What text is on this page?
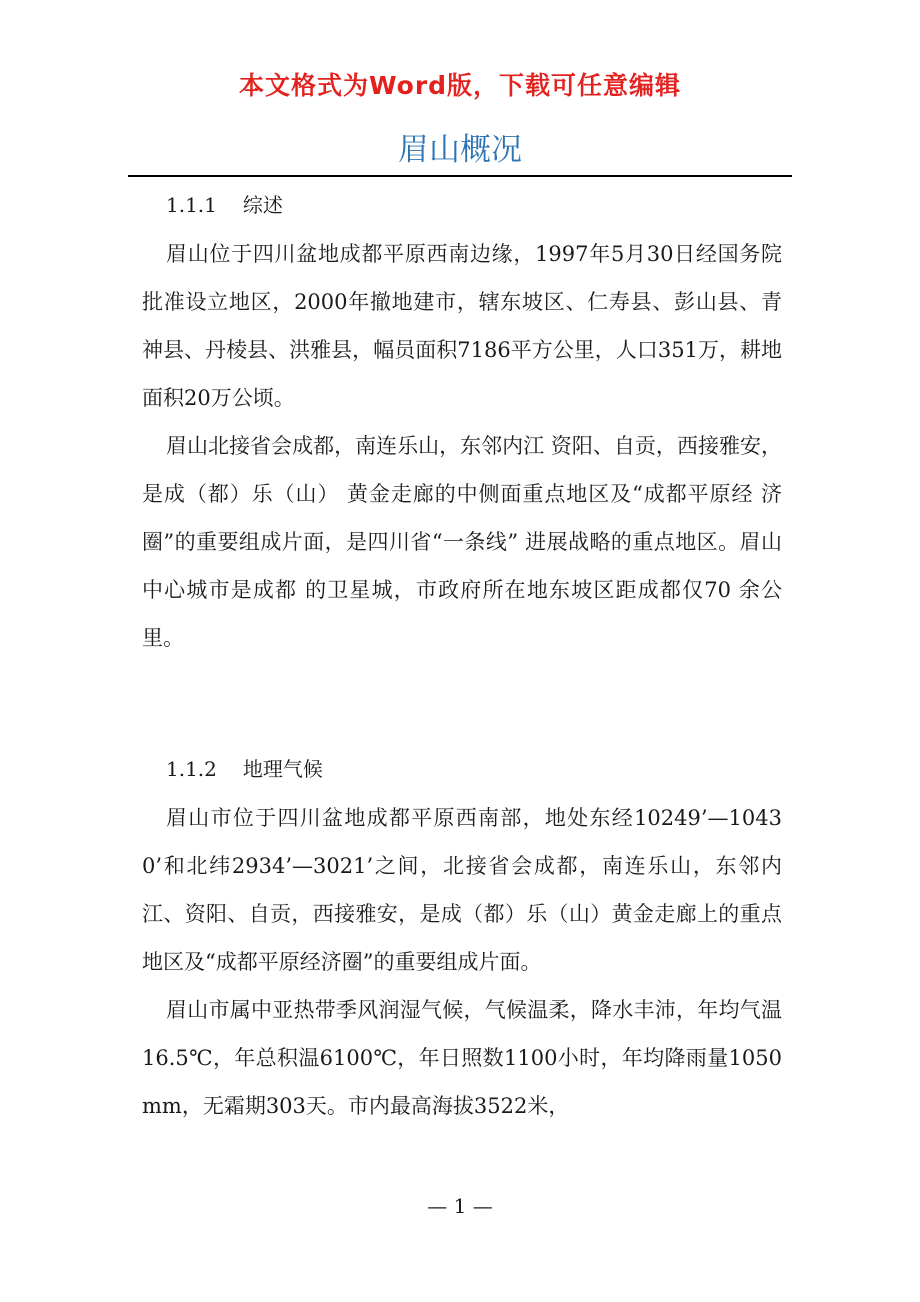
本文格式为Word版，下载可任意编辑
眉山概况
1.1.1 综述

眉山位于四川盆地成都平原西南边缘，1997年5月30日经国务院批准设立地区，2000年撤地建市，辖东坡区、仁寿县、彭山县、青神县、丹棱县、洪雅县，幅员面积7186平方公里，人口351万，耕地面积20万公顷。

眉山北接省会成都，南连乐山，东邻内江 资阳、自贡，西接雅安，是成（都）乐（山） 黄金走廊的中侧面重点地区及“成都平原经 济圈”的重要组成片面，是四川省“一条线” 进展战略的重点地区。眉山中心城市是成都 的卫星城，市政府所在地东坡区距成都仅70 余公里。

1.1.2 地理气候

眉山市位于四川盆地成都平原西南部，地处东经10249’—10430’和北纬2934’—3021’之间，北接省会成都，南连乐山，东邻内江、资阳、自贡，西接雅安，是成（都）乐（山）黄金走廊上的重点地区及“成都平原经济圈”的重要组成片面。

眉山市属中亚热带季风润湿气候，气候温柔，降水丰沛，年均气温16.5℃，年总积温6100℃，年日照数1100小时，年均降雨量1050mm，无霜期303天。市内最高海拔3522米，

— 1 —
